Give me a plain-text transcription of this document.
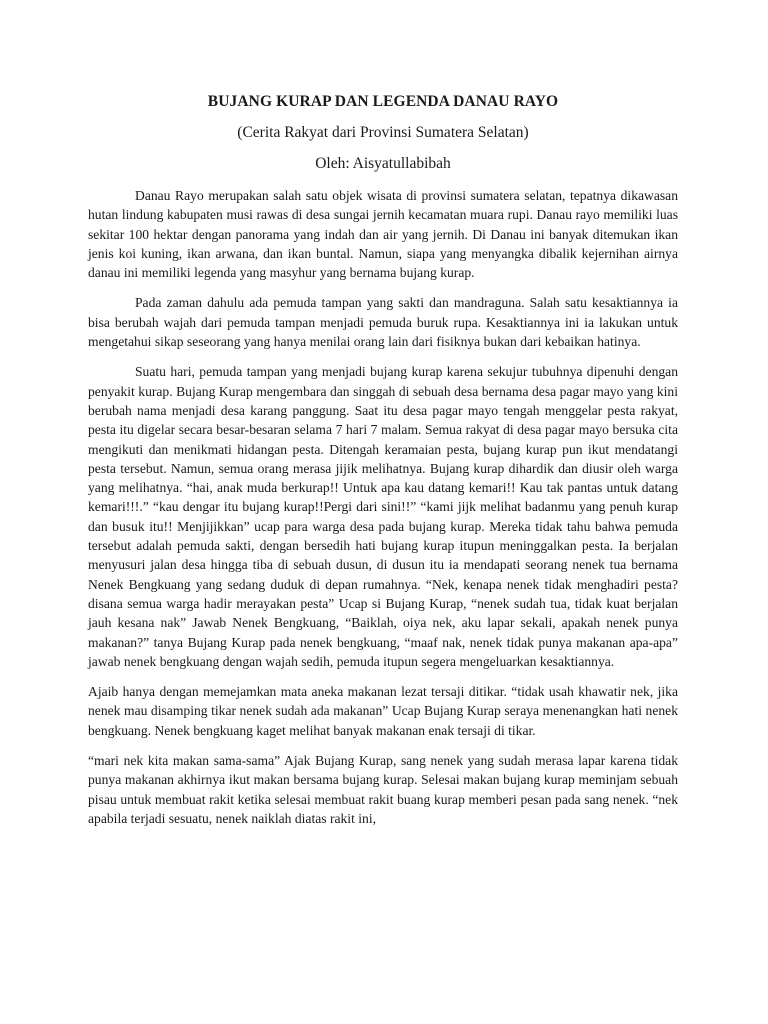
BUJANG KURAP DAN LEGENDA DANAU RAYO
(Cerita Rakyat dari Provinsi Sumatera Selatan)
Oleh: Aisyatullabibah

Danau Rayo merupakan salah satu objek wisata di provinsi sumatera selatan, tepatnya dikawasan hutan lindung kabupaten musi rawas di desa sungai jernih kecamatan muara rupi. Danau rayo memiliki luas sekitar 100 hektar dengan panorama yang indah dan air yang jernih. Di Danau ini banyak ditemukan ikan jenis koi kuning, ikan arwana, dan ikan buntal. Namun, siapa yang menyangka dibalik kejernihan airnya danau ini memiliki legenda yang masyhur yang bernama bujang kurap.

Pada zaman dahulu ada pemuda tampan yang sakti dan mandraguna. Salah satu kesaktiannya ia bisa berubah wajah dari pemuda tampan menjadi pemuda buruk rupa. Kesaktiannya ini ia lakukan untuk mengetahui sikap seseorang yang hanya menilai orang lain dari fisiknya bukan dari kebaikan hatinya.

Suatu hari, pemuda tampan yang menjadi bujang kurap karena sekujur tubuhnya dipenuhi dengan penyakit kurap. Bujang Kurap mengembara dan singgah di sebuah desa bernama desa pagar mayo yang kini berubah nama menjadi desa karang panggung. Saat itu desa pagar mayo tengah menggelar pesta rakyat, pesta itu digelar secara besar-besaran selama 7 hari 7 malam. Semua rakyat di desa pagar mayo bersuka cita mengikuti dan menikmati hidangan pesta. Ditengah keramaian pesta, bujang kurap pun ikut mendatangi pesta tersebut. Namun, semua orang merasa jijik melihatnya. Bujang kurap dihardik dan diusir oleh warga yang melihatnya. “hai, anak muda berkurap!! Untuk apa kau datang kemari!! Kau tak pantas untuk datang kemari!!!.” “kau dengar itu bujang kurap!!Pergi dari sini!!” “kami jijk melihat badanmu yang penuh kurap dan busuk itu!! Menjijikkan” ucap para warga desa pada bujang kurap. Mereka tidak tahu bahwa pemuda tersebut adalah pemuda sakti, dengan bersedih hati bujang kurap itupun meninggalkan pesta. Ia berjalan menyusuri jalan desa hingga tiba di sebuah dusun, di dusun itu ia mendapati seorang nenek tua bernama Nenek Bengkuang yang sedang duduk di depan rumahnya. “Nek, kenapa nenek tidak menghadiri pesta? disana semua warga hadir merayakan pesta” Ucap si Bujang Kurap, “nenek sudah tua, tidak kuat berjalan jauh kesana nak” Jawab Nenek Bengkuang, “Baiklah, oiya nek, aku lapar sekali, apakah nenek punya makanan?” tanya Bujang Kurap pada nenek bengkuang, “maaf nak, nenek tidak punya makanan apa-apa” jawab nenek bengkuang dengan wajah sedih, pemuda itupun segera mengeluarkan kesaktiannya.

Ajaib hanya dengan memejamkan mata aneka makanan lezat tersaji ditikar. “tidak usah khawatir nek, jika nenek mau disamping tikar nenek sudah ada makanan” Ucap Bujang Kurap seraya menenangkan hati nenek bengkuang. Nenek bengkuang kaget melihat banyak makanan enak tersaji di tikar.

“mari nek kita makan sama-sama” Ajak Bujang Kurap, sang nenek yang sudah merasa lapar karena tidak punya makanan akhirnya ikut makan bersama bujang kurap. Selesai makan bujang kurap meminjam sebuah pisau untuk membuat rakit ketika selesai membuat rakit buang kurap memberi pesan pada sang nenek. “nek apabila terjadi sesuatu, nenek naiklah diatas rakit ini,
